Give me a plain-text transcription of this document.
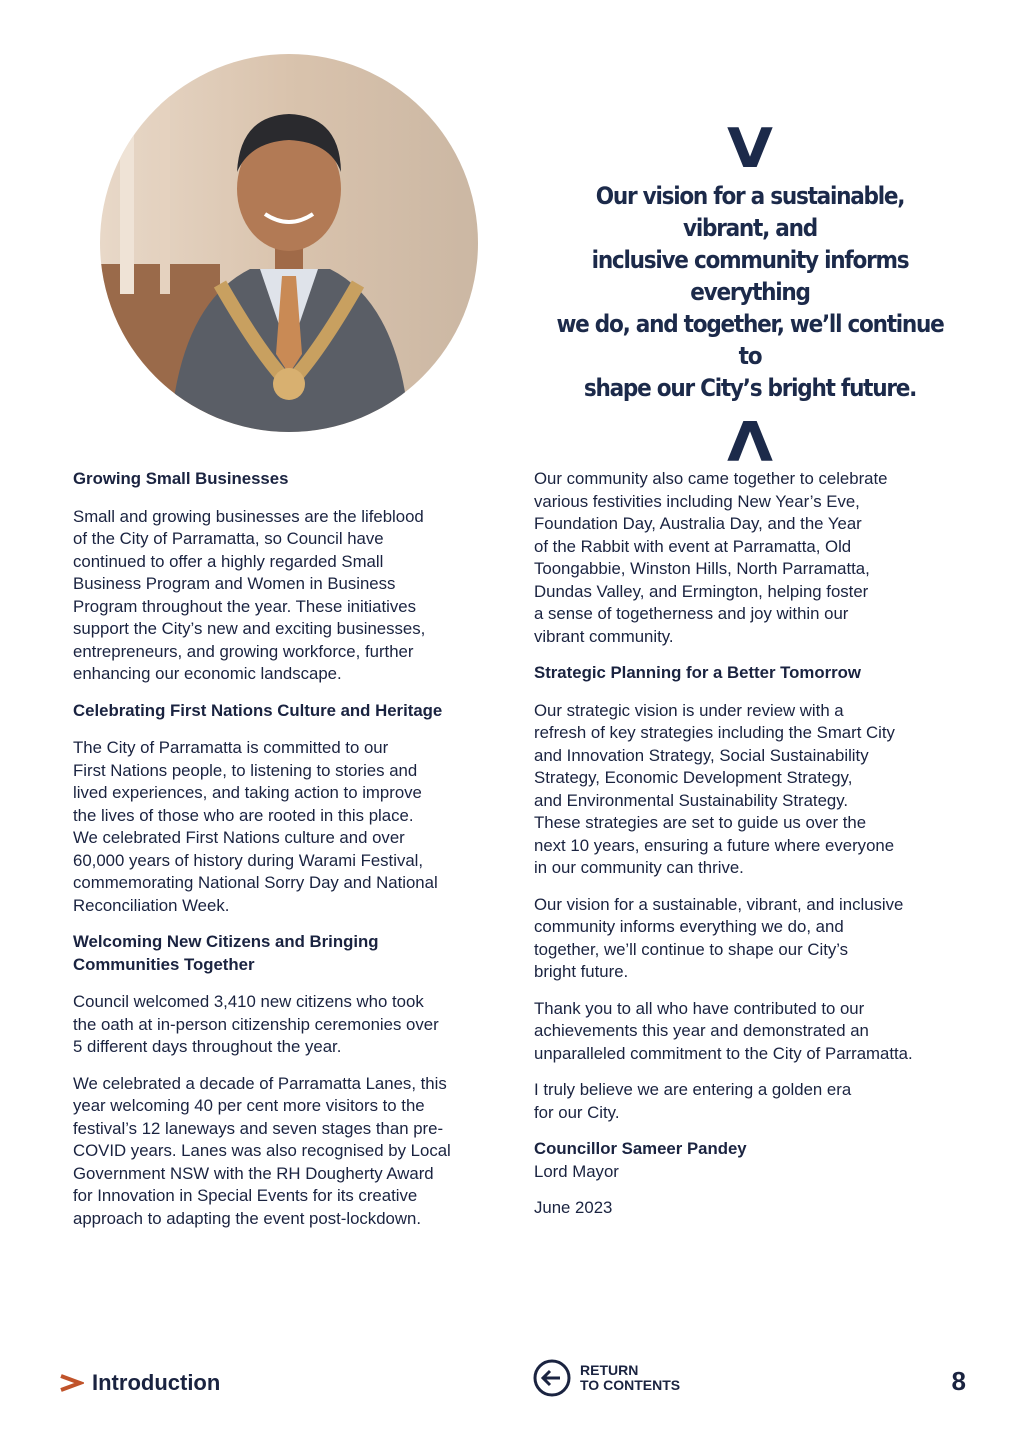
V
Our vision for a sustainable, vibrant, and
inclusive community informs everything
we do, and together, we’ll continue to
shape our City’s bright future.
V
Growing Small Businesses

Small and growing businesses are the lifeblood
of the City of Parramatta, so Council have
continued to offer a highly regarded Small
Business Program and Women in Business
Program throughout the year. These initiatives
support the City’s new and exciting businesses,
entrepreneurs, and growing workforce, further
enhancing our economic landscape.

Celebrating First Nations Culture and Heritage

The City of Parramatta is committed to our
First Nations people, to listening to stories and
lived experiences, and taking action to improve
the lives of those who are rooted in this place.
We celebrated First Nations culture and over
60,000 years of history during Warami Festival,
commemorating National Sorry Day and National
Reconciliation Week.

Welcoming New Citizens and Bringing
Communities Together

Council welcomed 3,410 new citizens who took
the oath at in-person citizenship ceremonies over
5 different days throughout the year.

We celebrated a decade of Parramatta Lanes, this
year welcoming 40 per cent more visitors to the
festival’s 12 laneways and seven stages than pre-
COVID years. Lanes was also recognised by Local
Government NSW with the RH Dougherty Award
for Innovation in Special Events for its creative
approach to adapting the event post-lockdown.

Our community also came together to celebrate
various festivities including New Year’s Eve,
Foundation Day, Australia Day, and the Year
of the Rabbit with event at Parramatta, Old
Toongabbie, Winston Hills, North Parramatta,
Dundas Valley, and Ermington, helping foster
a sense of togetherness and joy within our
vibrant community.

Strategic Planning for a Better Tomorrow

Our strategic vision is under review with a
refresh of key strategies including the Smart City
and Innovation Strategy, Social Sustainability
Strategy, Economic Development Strategy,
and Environmental Sustainability Strategy.
These strategies are set to guide us over the
next 10 years, ensuring a future where everyone
in our community can thrive.

Our vision for a sustainable, vibrant, and inclusive
community informs everything we do, and
together, we’ll continue to shape our City’s
bright future.

Thank you to all who have contributed to our
achievements this year and demonstrated an
unparalleled commitment to the City of Parramatta.

I truly believe we are entering a golden era
for our City.

Councillor Sameer Pandey

Lord Mayor

June 2023

Introduction	RETURN
TO CONTENTS	8
